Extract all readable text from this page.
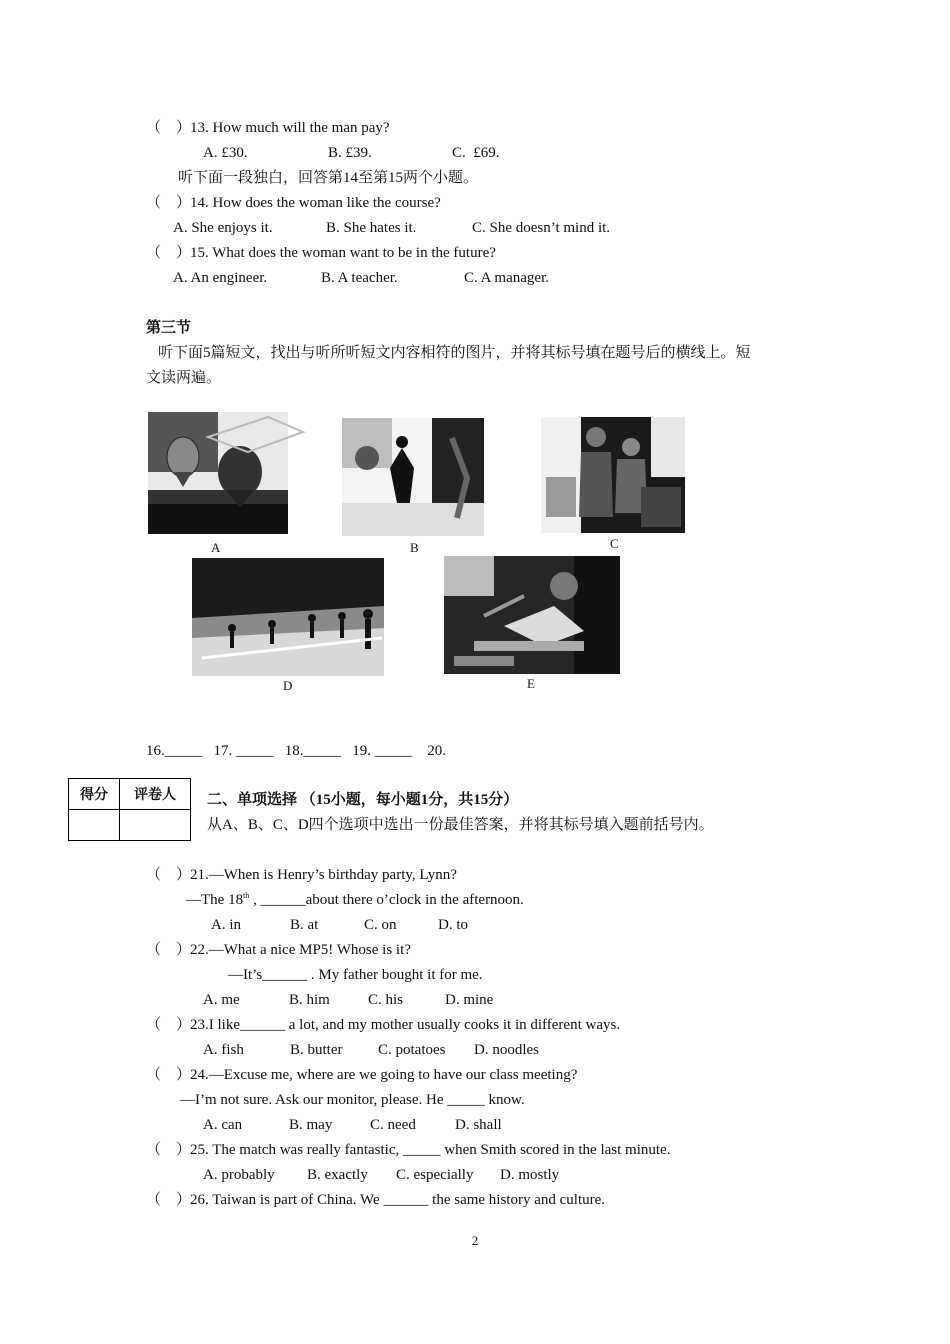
（　）
13. How much will the man pay?
A. £30.	B. £39.	C.  £69.
听下面一段独白，回答第14至第15两个小题。
（　）
14. How does the woman like the course?
A. She enjoys it.	B. She hates it.	C. She doesn’t mind it.
（　）
15. What does the woman want to be in the future?
A. An engineer.	B. A teacher.	C. A manager.
第三节
听下面5篇短文，找出与听所听短文内容相符的图片，并将其标号填在题号后的横线上。短
文读两遍。
A	B	C
D	E
16._____   17. _____   18._____   19. _____    20.
得分	评卷人
	二、单项选择 （15小题，每小题1分，共15分）
从A、B、C、D四个选项中选出一份最佳答案，并将其标号填入题前括号内。
（　）
21.—When is Henry’s birthday party, Lynn?
—The 18th , ______about there o’clock in the afternoon.
A. in	B. at	C. on	D. to
（　）
22.—What a nice MP5! Whose is it?
—It’s______ . My father bought it for me.
A. me	B. him	C. his	D. mine
（　）
23.I like______ a lot, and my mother usually cooks it in different ways.
A. fish	B. butter C. potatoes D. noodles
（　）
24.—Excuse me, where are we going to have our class meeting?
—I’m not sure. Ask our monitor, please. He _____ know.
A. can	B. may	C. need	D. shall
（　）
25. The match was really fantastic, _____ when Smith scored in the last minute.
A. probably B. exactly C. especially D. mostly
（　）
26. Taiwan is part of China. We ______ the same history and culture.
2
